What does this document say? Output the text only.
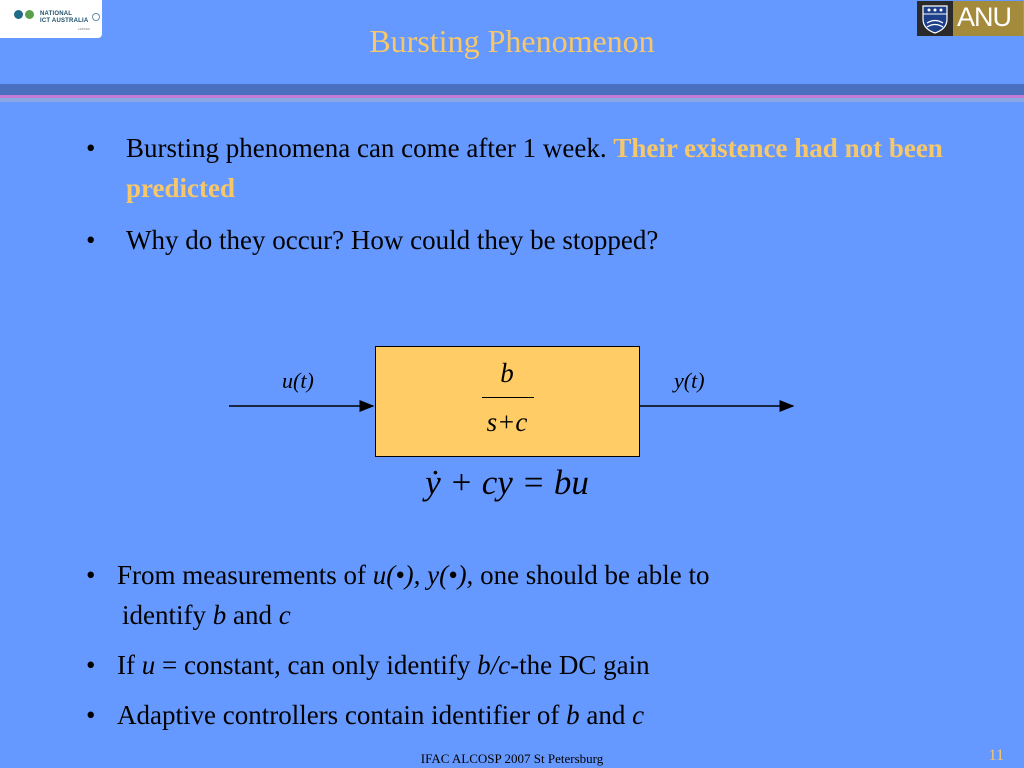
NATIONAL
ICT AUSTRALIA
LIMITED	ANU
Bursting Phenomenon
•	Bursting phenomena can come after 1 week. Their existence had not been predicted
•	Why do they occur? How could they be stopped?
b
s+c
u(t)	y(t)
ẏ + cy = bu
• From measurements of u(•), y(•), one should be able to
identify b and c
• If u = constant, can only identify b/c-the DC gain
• Adaptive controllers contain identifier of b and c
IFAC ALCOSP 2007 St Petersburg	11
